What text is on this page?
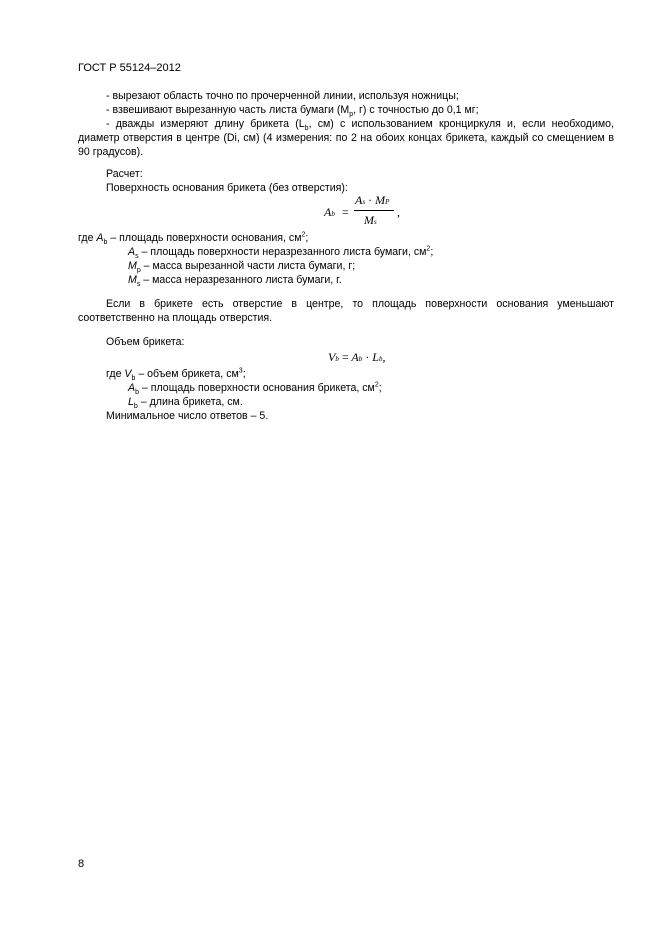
ГОСТ Р 55124–2012
- вырезают область точно по прочерченной линии, используя ножницы;
- взвешивают вырезанную часть листа бумаги ($M_p$, г) с точностью до 0,1 мг;
- дважды измеряют длину брикета ($L_b$, см) с использованием кронциркуля и, если необходимо, диаметр отверстия в центре (Di, см) (4 измерения: по 2 на обоих концах брикета, каждый со смещением в 90 градусов).
Расчет:
Поверхность основания брикета (без отверстия):
Ab =
As · MP
Ms
,
где $A_b$ – площадь поверхности основания, $см^2$;
$A_s$ – площадь поверхности неразрезанного листа бумаги, $см^2$;
$M_p$ – масса вырезанной части листа бумаги, г;
$M_s$ – масса неразрезанного листа бумаги, г.
Если в брикете есть отверстие в центре, то площадь поверхности основания уменьшают соответственно на площадь отверстия.
Объем брикета:
Vb = Ab · Lb,
где $V_b$ – объем брикета, $см^3$;
$A_b$ – площадь поверхности основания брикета, $см^2$;
$L_b$ – длина брикета, см.
Минимальное число ответов – 5.
8
